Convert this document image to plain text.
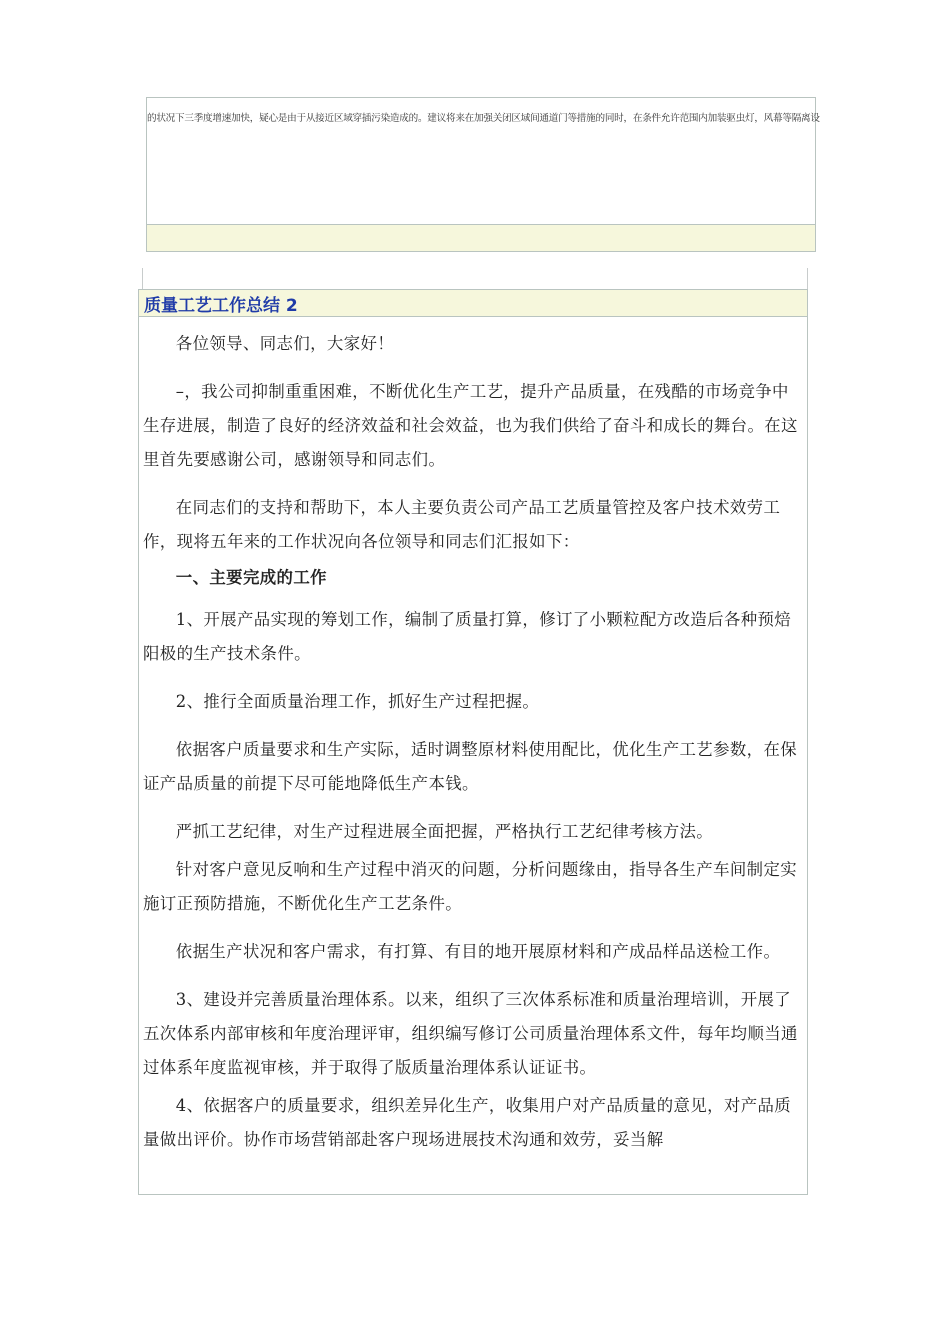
的状况下三季度增速加快，疑心是由于从接近区域穿插污染造成的。建议将来在加强关闭区域间通道门等措施的同时，在条件允许范围内加装驱虫灯，风幕等隔离设
质量工艺工作总结 2

各位领导、同志们，大家好！

–，我公司抑制重重困难，不断优化生产工艺，提升产品质量，在残酷的市场竞争中生存进展，制造了良好的经济效益和社会效益，也为我们供给了奋斗和成长的舞台。在这里首先要感谢公司，感谢领导和同志们。

在同志们的支持和帮助下，本人主要负责公司产品工艺质量管控及客户技术效劳工作，现将五年来的工作状况向各位领导和同志们汇报如下：

一、主要完成的工作

1、开展产品实现的筹划工作，编制了质量打算，修订了小颗粒配方改造后各种预焙阳极的生产技术条件。

2、推行全面质量治理工作，抓好生产过程把握。

依据客户质量要求和生产实际，适时调整原材料使用配比，优化生产工艺参数，在保证产品质量的前提下尽可能地降低生产本钱。

严抓工艺纪律，对生产过程进展全面把握，严格执行工艺纪律考核方法。

针对客户意见反响和生产过程中消灭的问题，分析问题缘由，指导各生产车间制定实施订正预防措施，不断优化生产工艺条件。

依据生产状况和客户需求，有打算、有目的地开展原材料和产成品样品送检工作。

3、建设并完善质量治理体系。以来，组织了三次体系标准和质量治理培训，开展了五次体系内部审核和年度治理评审，组织编写修订公司质量治理体系文件，每年均顺当通过体系年度监视审核，并于取得了版质量治理体系认证证书。

4、依据客户的质量要求，组织差异化生产，收集用户对产品质量的意见，对产品质量做出评价。协作市场营销部赴客户现场进展技术沟通和效劳，妥当解
